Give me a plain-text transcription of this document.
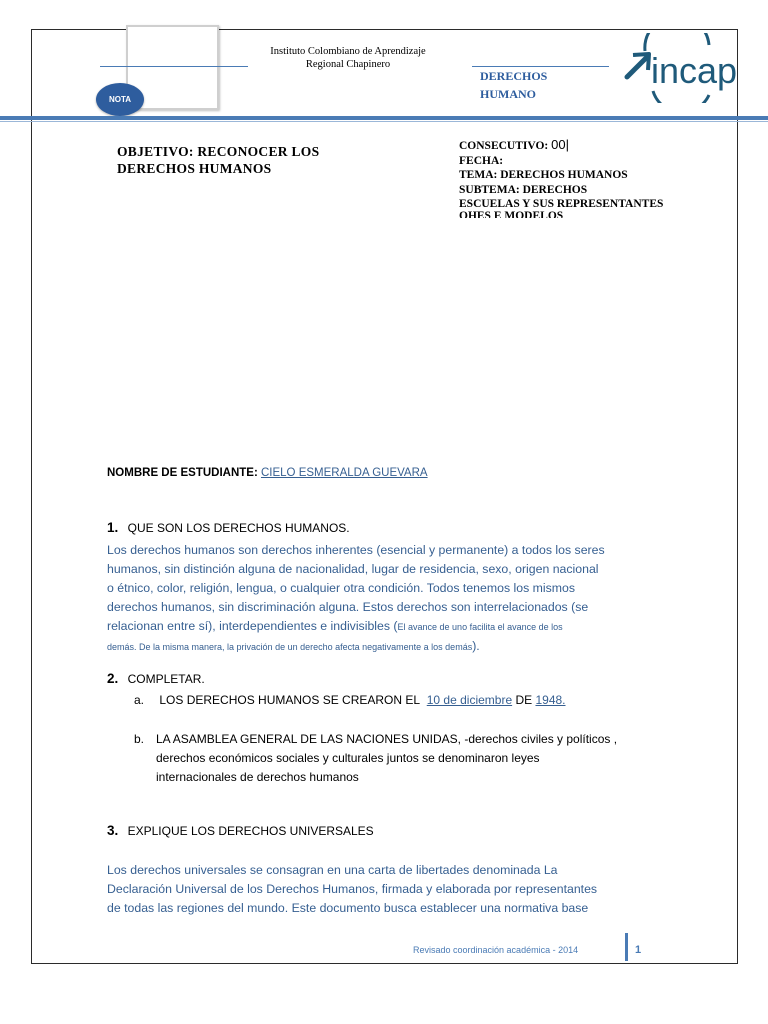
NOTA
Instituto Colombiano de Aprendizaje
Regional Chapinero
DERECHOS
HUMANO
incap
OBJETIVO: RECONOCER LOS
DERECHOS HUMANOS
CONSECUTIVO: 00|
FECHA:
TEMA: DERECHOS HUMANOS
SUBTEMA: DERECHOS
ESCUELAS Y SUS REPRESENTANTES
OHES E MODELOS
NOMBRE DE ESTUDIANTE: CIELO ESMERALDA GUEVARA
1. QUE SON LOS DERECHOS HUMANOS.
Los derechos humanos son derechos inherentes (esencial y permanente) a todos los seres
humanos, sin distinción alguna de nacionalidad, lugar de residencia, sexo, origen nacional
o étnico, color, religión, lengua, o cualquier otra condición. Todos tenemos los mismos
derechos humanos, sin discriminación alguna. Estos derechos son interrelacionados (se
relacionan entre sí), interdependientes e indivisibles (El avance de uno facilita el avance de los
demás. De la misma manera, la privación de un derecho afecta negativamente a los demás).
2. COMPLETAR.
a. LOS DERECHOS HUMANOS SE CREARON EL 10 de diciembre DE 1948.
b. LA ASAMBLEA GENERAL DE LAS NACIONES UNIDAS, -derechos civiles y políticos ,
derechos económicos sociales y culturales juntos se denominaron leyes
internacionales de derechos humanos
3. EXPLIQUE LOS DERECHOS UNIVERSALES
Los derechos universales se consagran en una carta de libertades denominada La
Declaración Universal de los Derechos Humanos, firmada y elaborada por representantes
de todas las regiones del mundo. Este documento busca establecer una normativa base
Revisado coordinación académica - 2014	1
